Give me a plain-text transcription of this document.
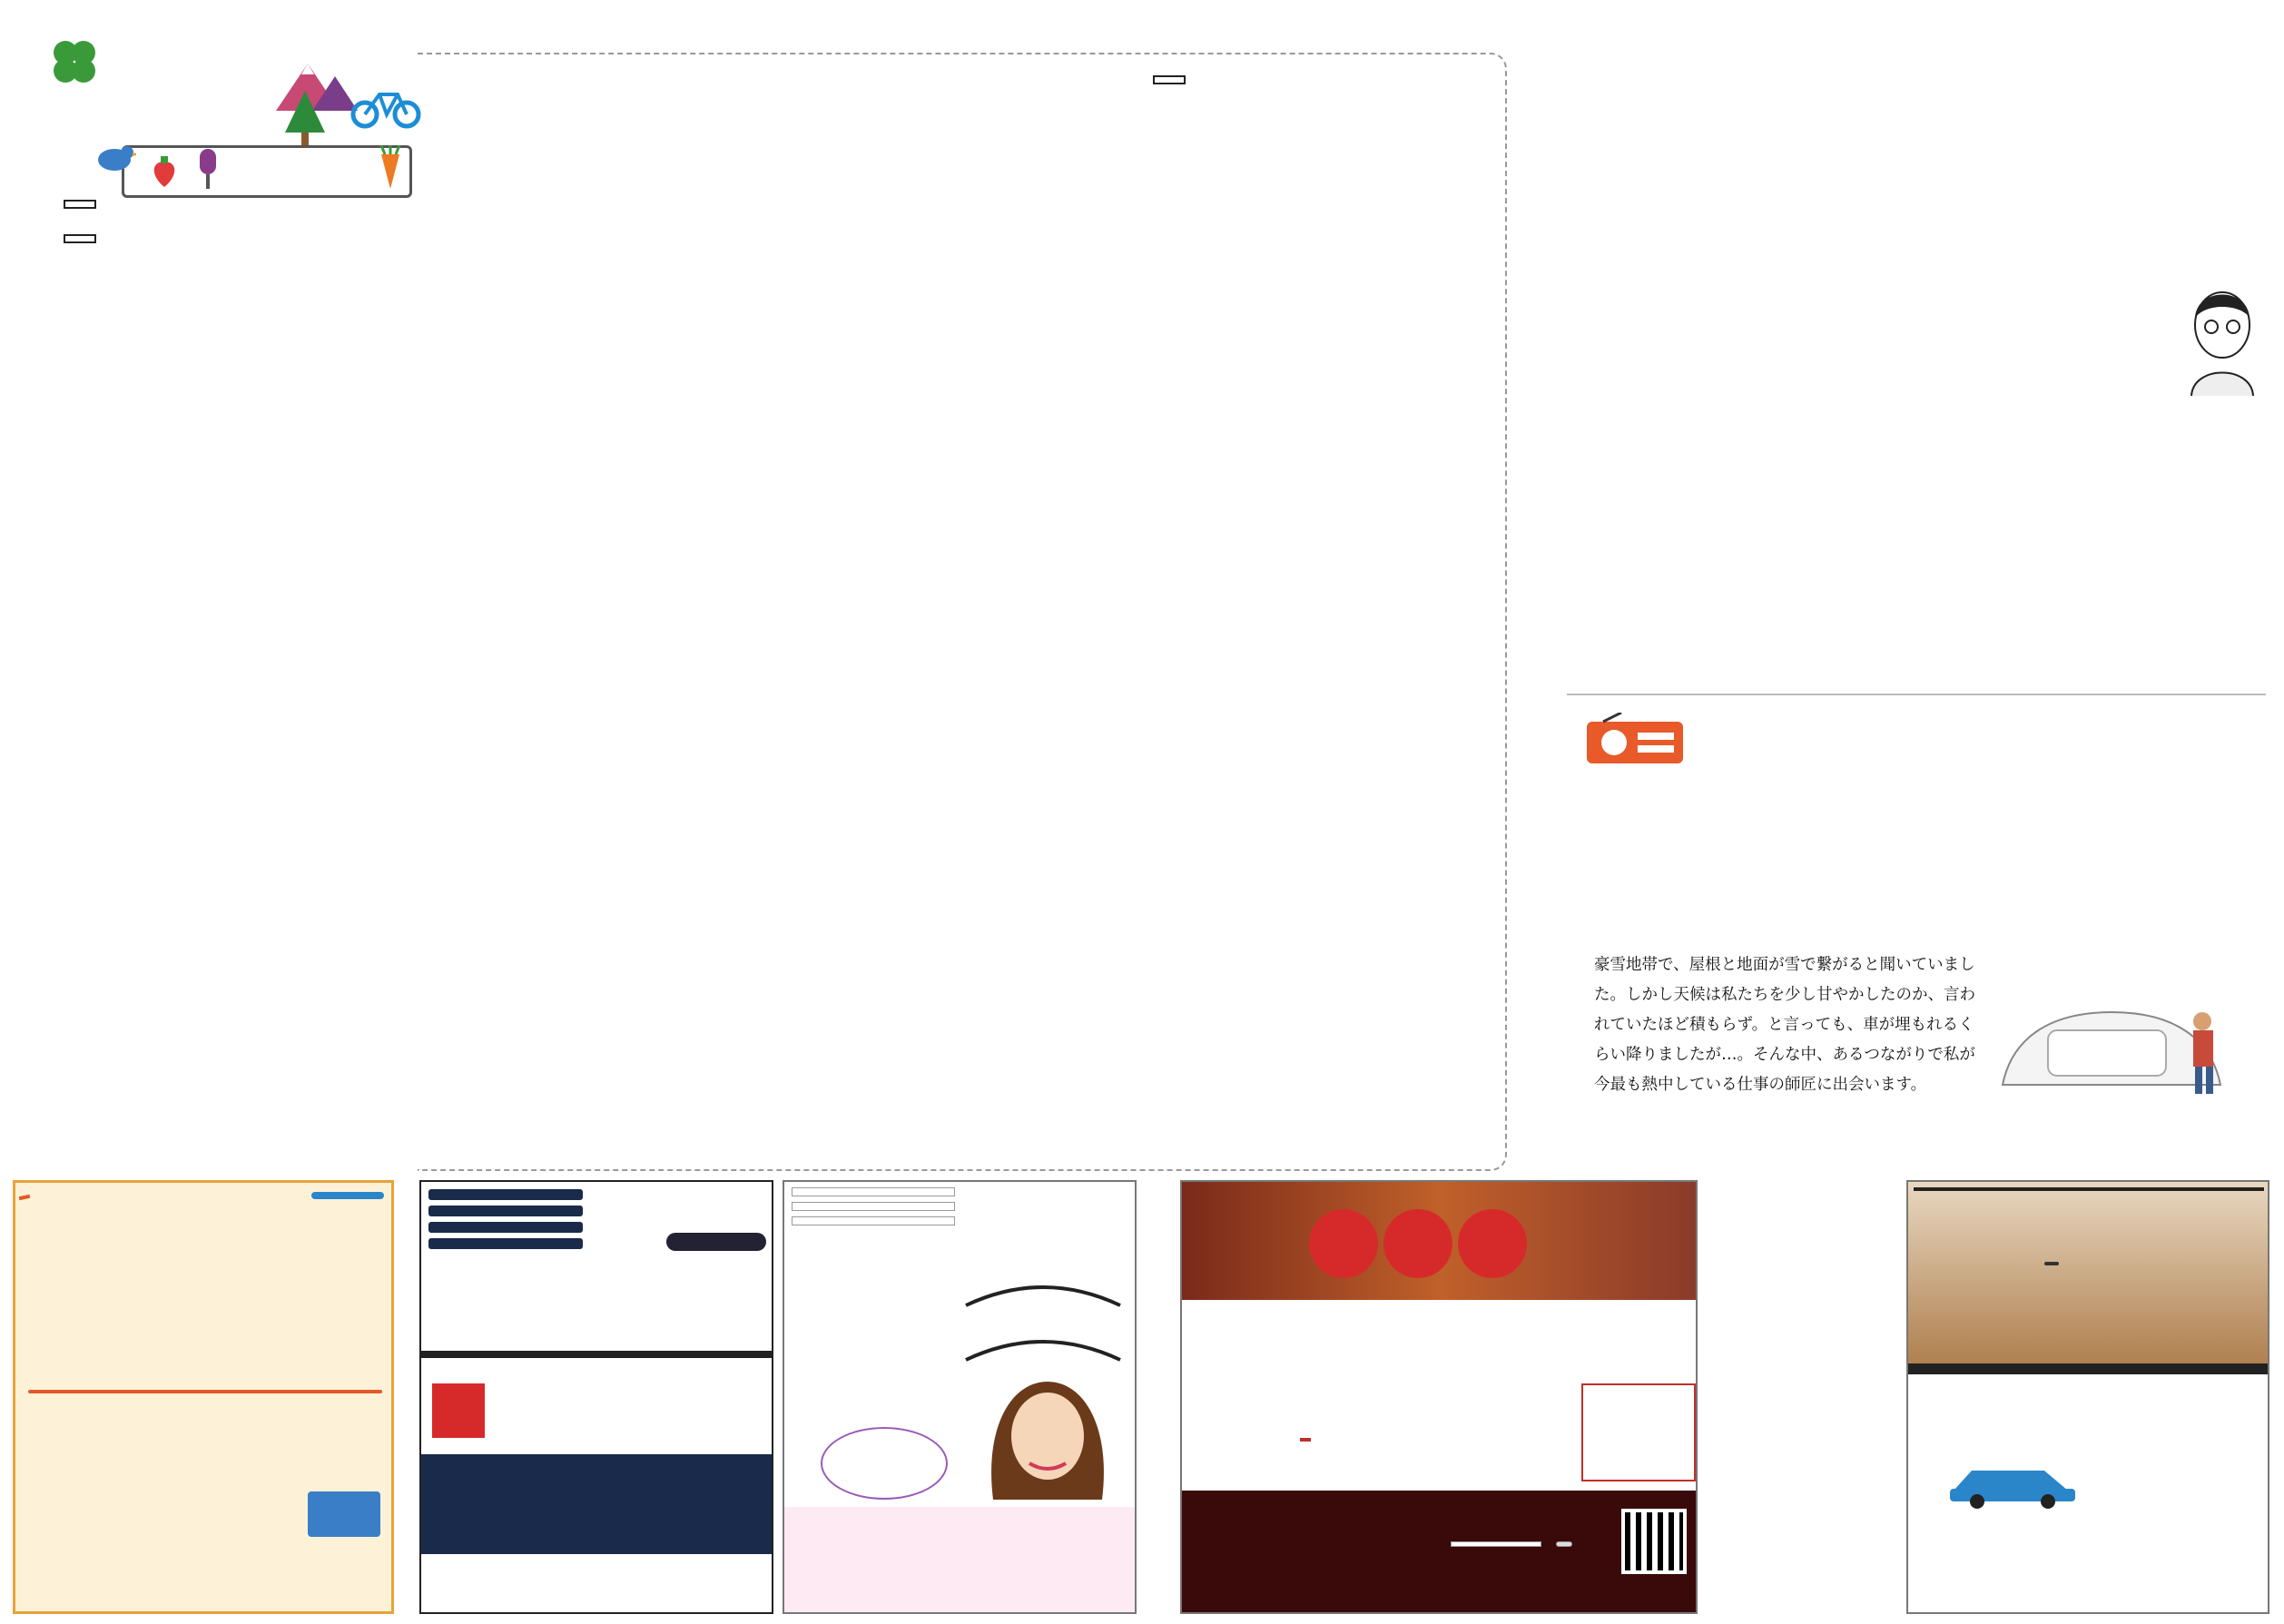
豪雪地帯で、屋根と地面が雪で繋がると聞いていました。しかし天候は私たちを少し甘やかしたのか、言われていたほど積もらず。と言っても、車が埋もれるくらい降りましたが…。そんな中、あるつながりで私が今最も熱中している仕事の師匠に出会います。
